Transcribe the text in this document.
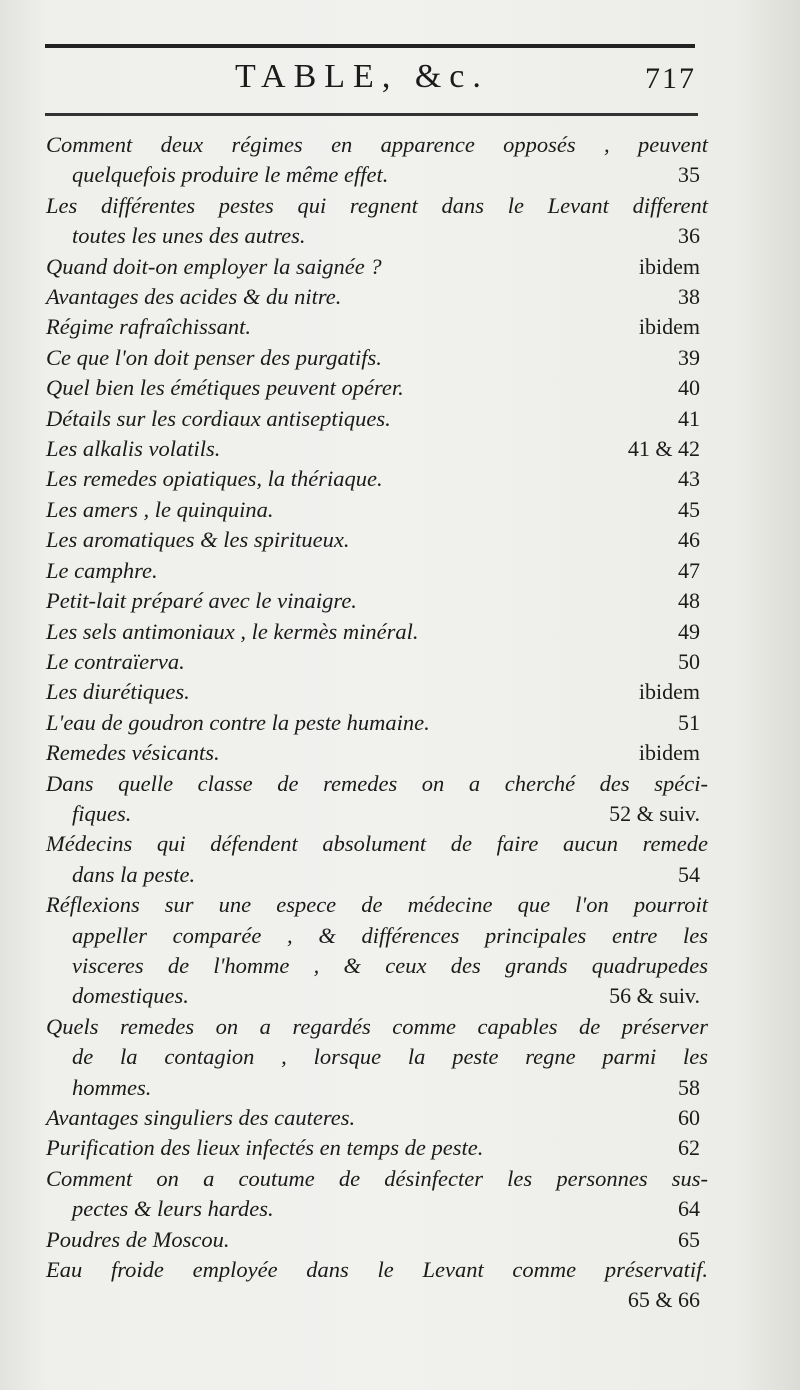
TABLE, &c.	717
Comment deux régimes en apparence opposés , peuvent
quelquefois produire le même effet.	35
Les différentes pestes qui regnent dans le Levant different
toutes les unes des autres.	36
Quand doit-on employer la saignée ?	ibidem
Avantages des acides & du nitre.	38
Régime rafraîchissant.	ibidem
Ce que l'on doit penser des purgatifs.	39
Quel bien les émétiques peuvent opérer.	40
Détails sur les cordiaux antiseptiques.	41
Les alkalis volatils.	41 & 42
Les remedes opiatiques, la thériaque.	43
Les amers , le quinquina.	45
Les aromatiques & les spiritueux.	46
Le camphre.	47
Petit-lait préparé avec le vinaigre.	48
Les sels antimoniaux , le kermès minéral.	49
Le contraïerva.	50
Les diurétiques.	ibidem
L'eau de goudron contre la peste humaine.	51
Remedes vésicants.	ibidem
Dans quelle classe de remedes on a cherché des spéci-
fiques.	52 & suiv.
Médecins qui défendent absolument de faire aucun remede
dans la peste.	54
Réflexions sur une espece de médecine que l'on pourroit
appeller comparée , & différences principales entre les
visceres de l'homme , & ceux des grands quadrupedes
domestiques.	56 & suiv.
Quels remedes on a regardés comme capables de préserver
de la contagion , lorsque la peste regne parmi les
hommes.	58
Avantages singuliers des cauteres.	60
Purification des lieux infectés en temps de peste.	62
Comment on a coutume de désinfecter les personnes sus-
pectes & leurs hardes.	64
Poudres de Moscou.	65
Eau froide employée dans le Levant comme préservatif.
65 & 66
